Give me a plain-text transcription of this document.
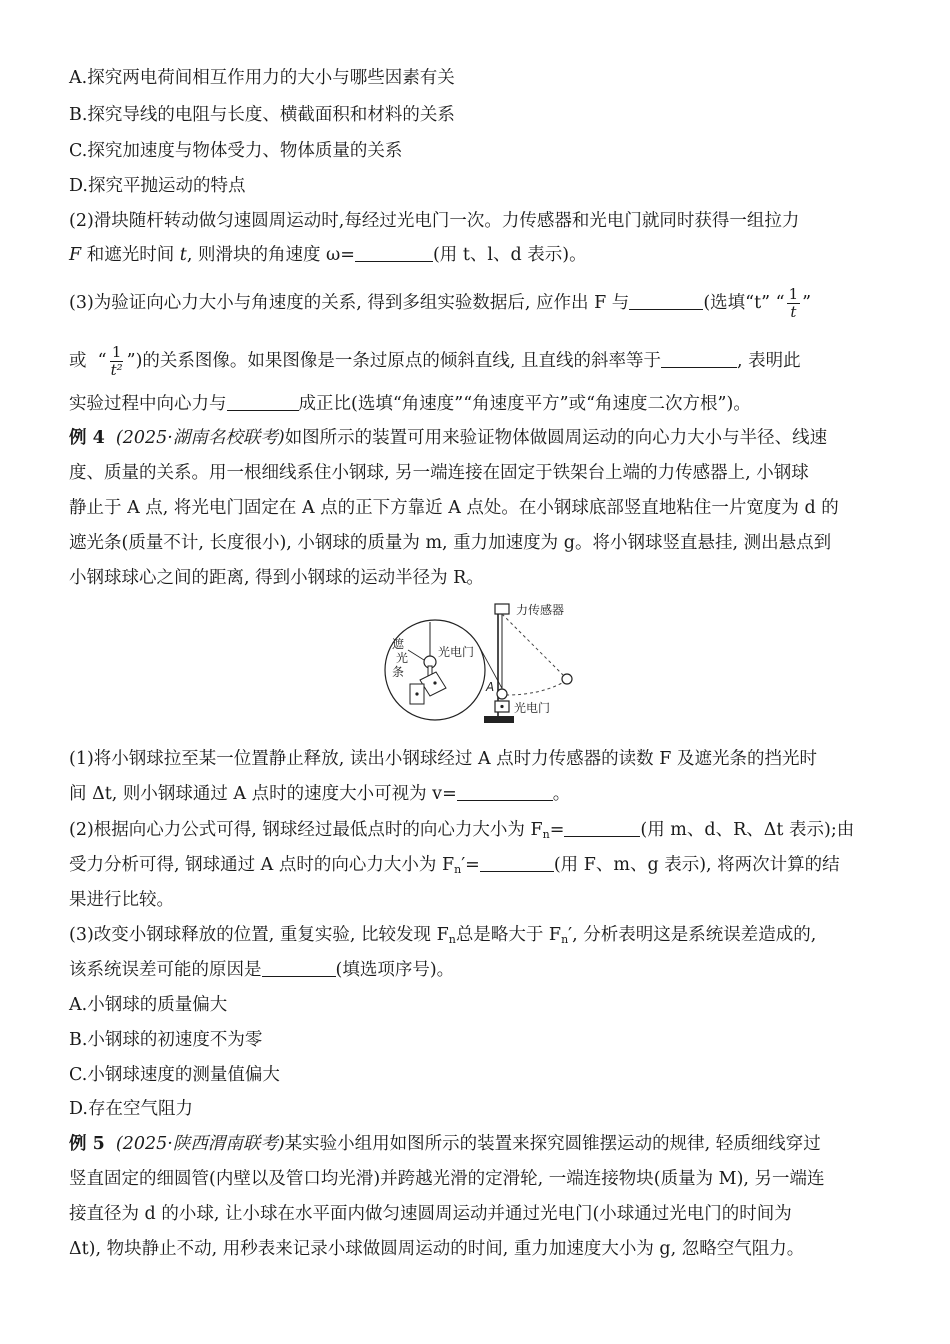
A.探究两电荷间相互作用力的大小与哪些因素有关
B.探究导线的电阻与长度、横截面积和材料的关系
C.探究加速度与物体受力、物体质量的关系
D.探究平抛运动的特点
(2)滑块随杆转动做匀速圆周运动时,每经过光电门一次。力传感器和光电门就同时获得一组拉力
F 和遮光时间 t, 则滑块的角速度 ω=	(用 t、l、d 表示)。
(3)为验证向心力大小与角速度的关系, 得到多组实验数据后, 应作出 F 与	(选填“t” “ $\frac{1}{t}$ ”
或 “ $\frac{1}{\text{t²}}$ ”)的关系图像。如果图像是一条过原点的倾斜直线, 且直线的斜率等于	, 表明此
实验过程中向心力与	成正比(选填“角速度”“角速度平方”或“角速度二次方根”)。
例 4 (2025·湖南名校联考)如图所示的装置可用来验证物体做圆周运动的向心力大小与半径、线速
度、质量的关系。用一根细线系住小钢球, 另一端连接在固定于铁架台上端的力传感器上, 小钢球
静止于 A 点, 将光电门固定在 A 点的正下方靠近 A 点处。在小钢球底部竖直地粘住一片宽度为 d 的
遮光条(质量不计, 长度很小), 小钢球的质量为 m, 重力加速度为 g。将小钢球竖直悬挂, 测出悬点到
小钢球球心之间的距离, 得到小钢球的运动半径为 R。
遮
光
条
光电门
力传感器
A
光电门
(1)将小钢球拉至某一位置静止释放, 读出小钢球经过 A 点时力传感器的读数 F 及遮光条的挡光时
间 Δt, 则小钢球通过 A 点时的速度大小可视为 v=	。
(2)根据向心力公式可得, 钢球经过最低点时的向心力大小为 $F_n=$	(用 m、d、R、Δt 表示);由
受力分析可得, 钢球通过 A 点时的向心力大小为 $F_n'=$	(用 F、m、g 表示), 将两次计算的结
果进行比较。
(3)改变小钢球释放的位置, 重复实验, 比较发现 $F_n$总是略大于 $F_n'$, 分析表明这是系统误差造成的,
该系统误差可能的原因是	(填选项序号)。
A.小钢球的质量偏大
B.小钢球的初速度不为零
C.小钢球速度的测量值偏大
D.存在空气阻力
例 5 (2025·陕西渭南联考)某实验小组用如图所示的装置来探究圆锥摆运动的规律, 轻质细线穿过
竖直固定的细圆管(内壁以及管口均光滑)并跨越光滑的定滑轮, 一端连接物块(质量为 M), 另一端连
接直径为 d 的小球, 让小球在水平面内做匀速圆周运动并通过光电门(小球通过光电门的时间为
Δt), 物块静止不动, 用秒表来记录小球做圆周运动的时间, 重力加速度大小为 g, 忽略空气阻力。
